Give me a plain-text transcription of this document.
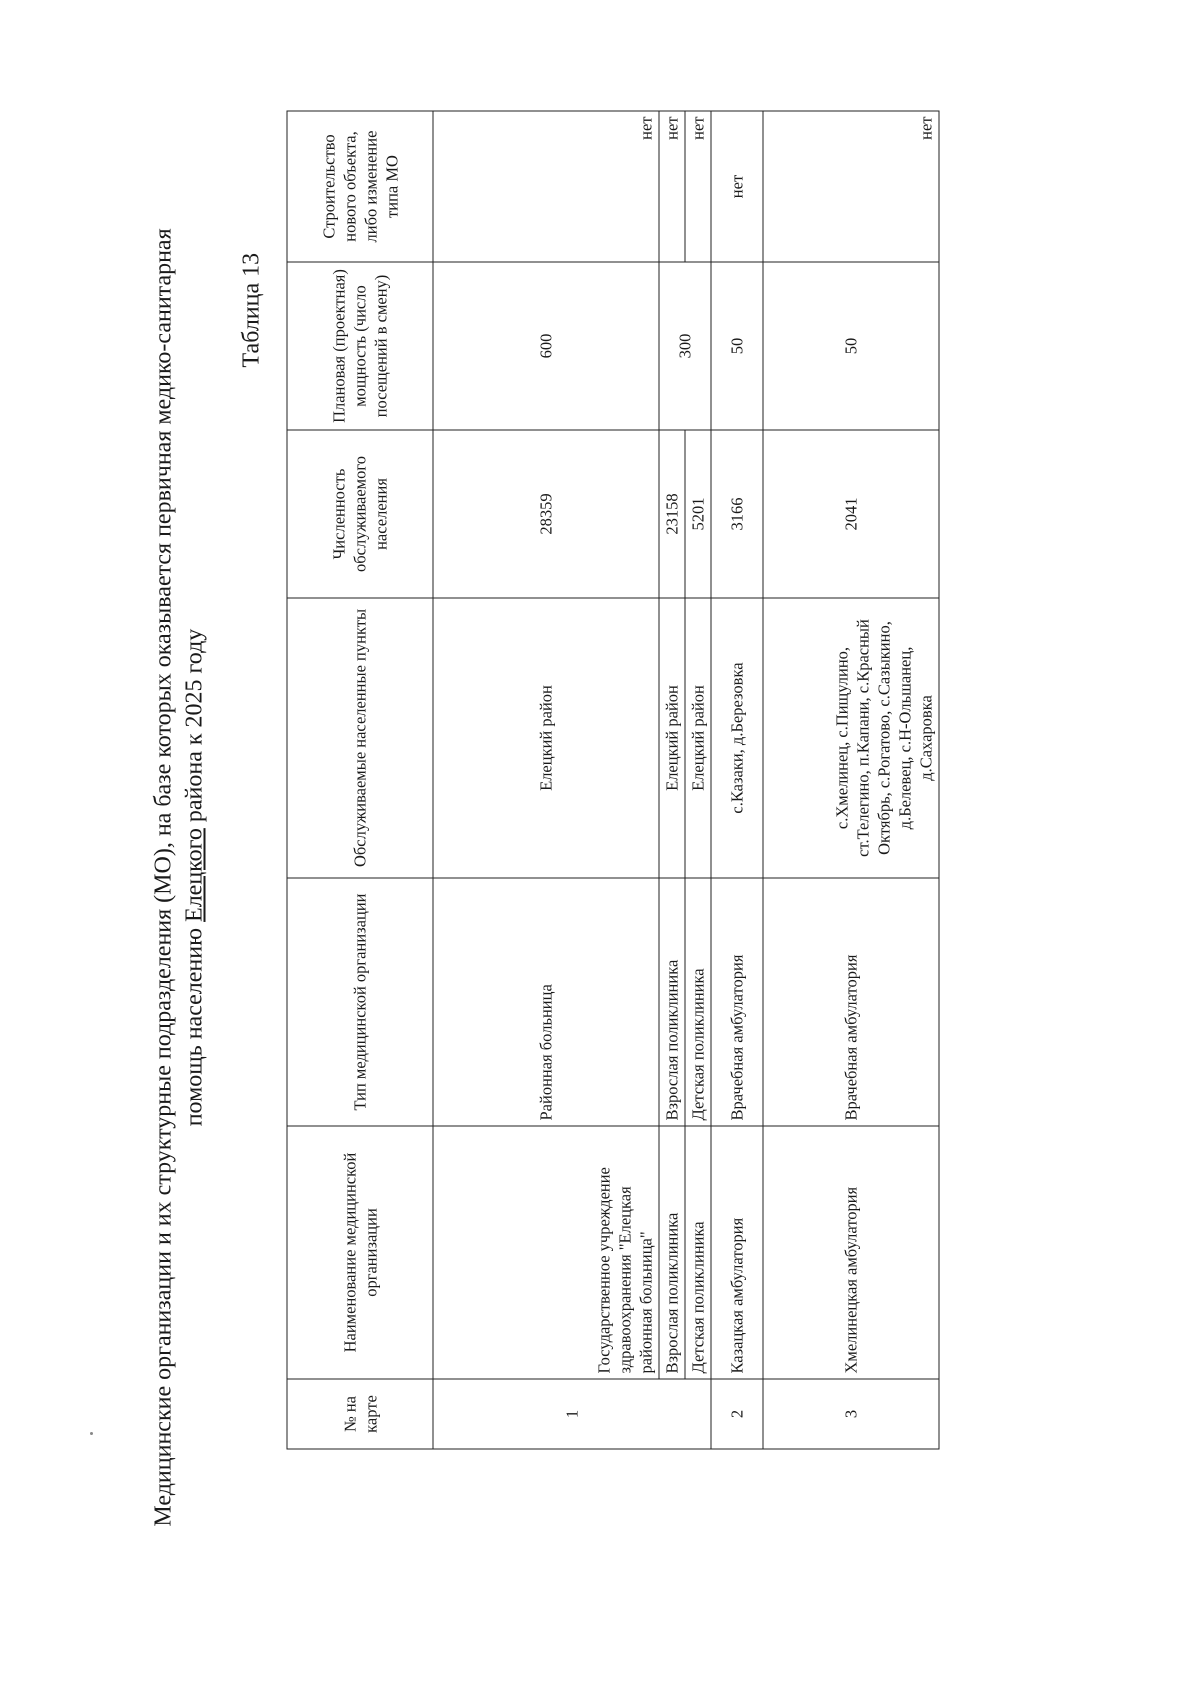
Медицинские организации и их структурные подразделения (МО), на базе которых оказывается первичная медико-санитарная помощь населению Елецкого района к 2025 году
Таблица 13
№ на карте	Наименование медицинской организации	Тип медицинской организации	Обслуживаемые населенные пункты	Численность обслуживаемого населения	Плановая (проектная) мощность (число посещений в смену)	Строительство нового объекта, либо изменение типа МО
1	Государственное учреждение здравоохранения "Елецкая районная больница"	Районная больница	Елецкий район	28359	600	нет
	Взрослая поликлиника	Взрослая поликлиника	Елецкий район	23158	300	нет
	Детская поликлиника	Детская поликлиника	Елецкий район	5201		нет
2	Казацкая амбулатория	Врачебная амбулатория	с.Казаки, д.Березовка	3166	50	нет
3	Хмелинецкая амбулатория	Врачебная амбулатория	с.Хмелинец, с.Пищулино, ст.Телегино, п.Капани, с.Красный Октябрь, с.Рогатово, с.Сазыкино, д.Белевец, с.Н-Ольшанец, д.Сахаровка	2041	50	нет
